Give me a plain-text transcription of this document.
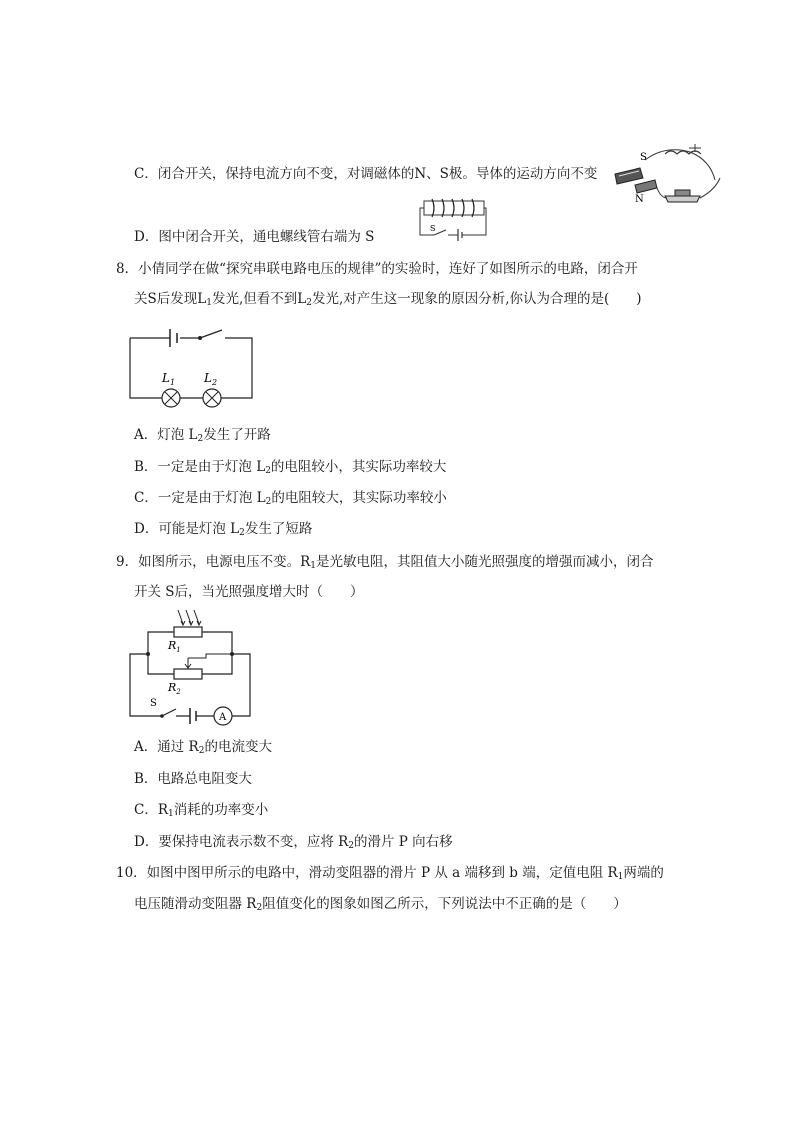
C．闭合开关，保持电流方向不变，对调磁体的N、S极。导体的运动方向不变
S
N
S
D．图中闭合开关，通电螺线管右端为 S
8．小倩同学在做“探究串联电路电压的规律”的实验时，连好了如图所示的电路，闭合开
关S后发现$L_1$发光,但看不到$L_2$发光,对产生这一现象的原因分析,你认为合理的是(　　)
$L_1$ $L_2$
A．灯泡 $L_2$发生了开路
B．一定是由于灯泡 $L_2$的电阻较小，其实际功率较大
C．一定是由于灯泡 $L_2$的电阻较大，其实际功率较小
D．可能是灯泡 $L_2$发生了短路
9．如图所示，电源电压不变。$R_1$是光敏电阻，其阻值大小随光照强度的增强而减小，闭合
开关 S后，当光照强度增大时（　　）
A
$R_1$
$R_2$
S
A．通过 $R_2$的电流变大
B．电路总电阻变大
C．$R_1$消耗的功率变小
D．要保持电流表示数不变，应将 $R_2$的滑片 P 向右移
10．如图中图甲所示的电路中，滑动变阻器的滑片 P 从 a 端移到 b 端，定值电阻 $R_1$两端的
电压随滑动变阻器 $R_2$阻值变化的图象如图乙所示，下列说法中不正确的是（　　）
